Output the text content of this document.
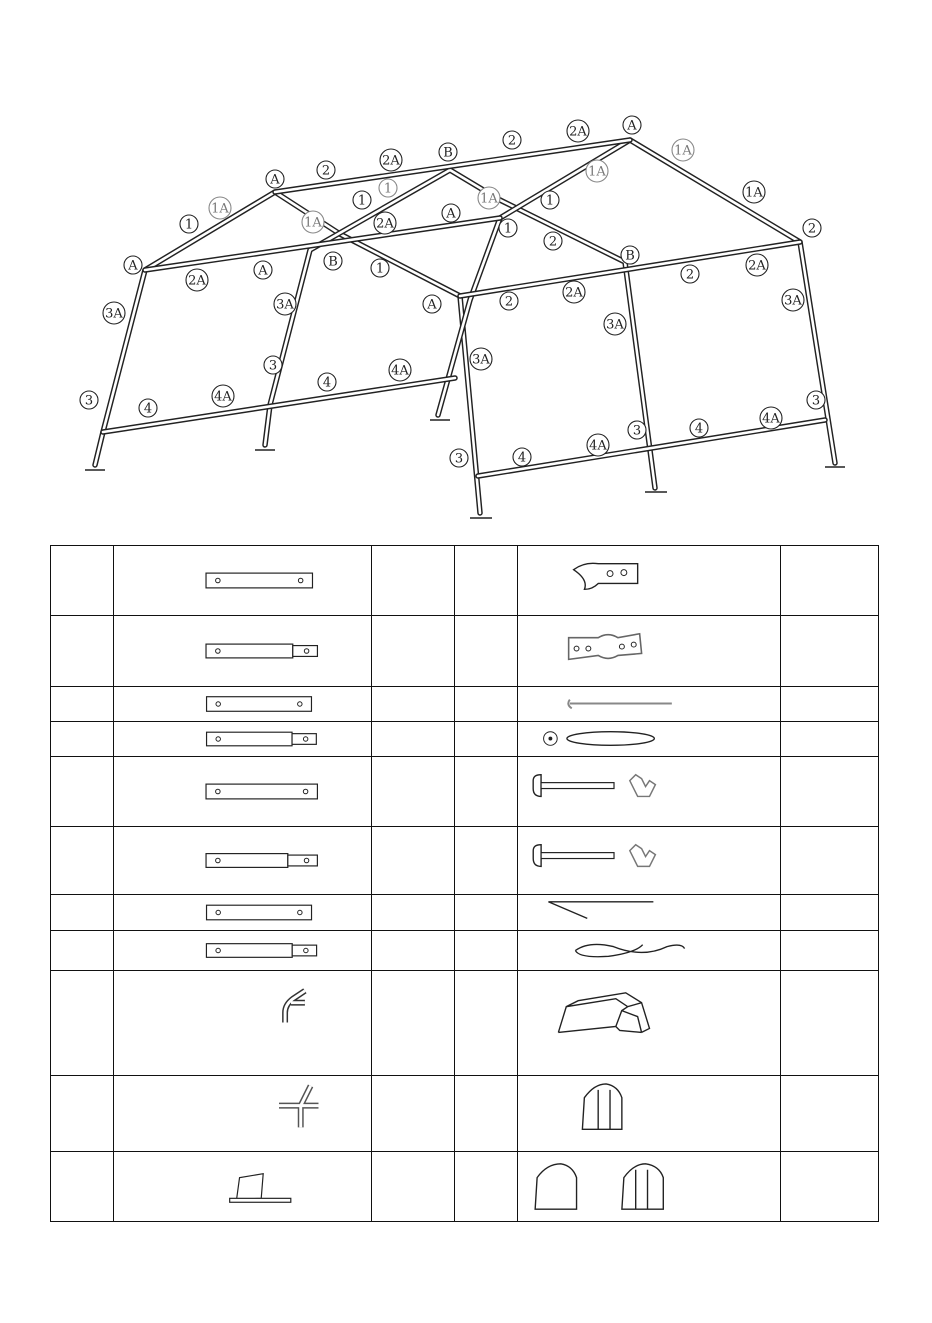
A
A
B
A
2
2A
2
2A
1A
1A
1A
1
1
1
1A
1A
1A
1
1
2
2A
A
2
2A
A
B	1
A	2
2A
B
2
2A
3A
3A
3A
3A
3A
3
3
3
3
3
4
4A
4
4A
4
4A
4
4A
